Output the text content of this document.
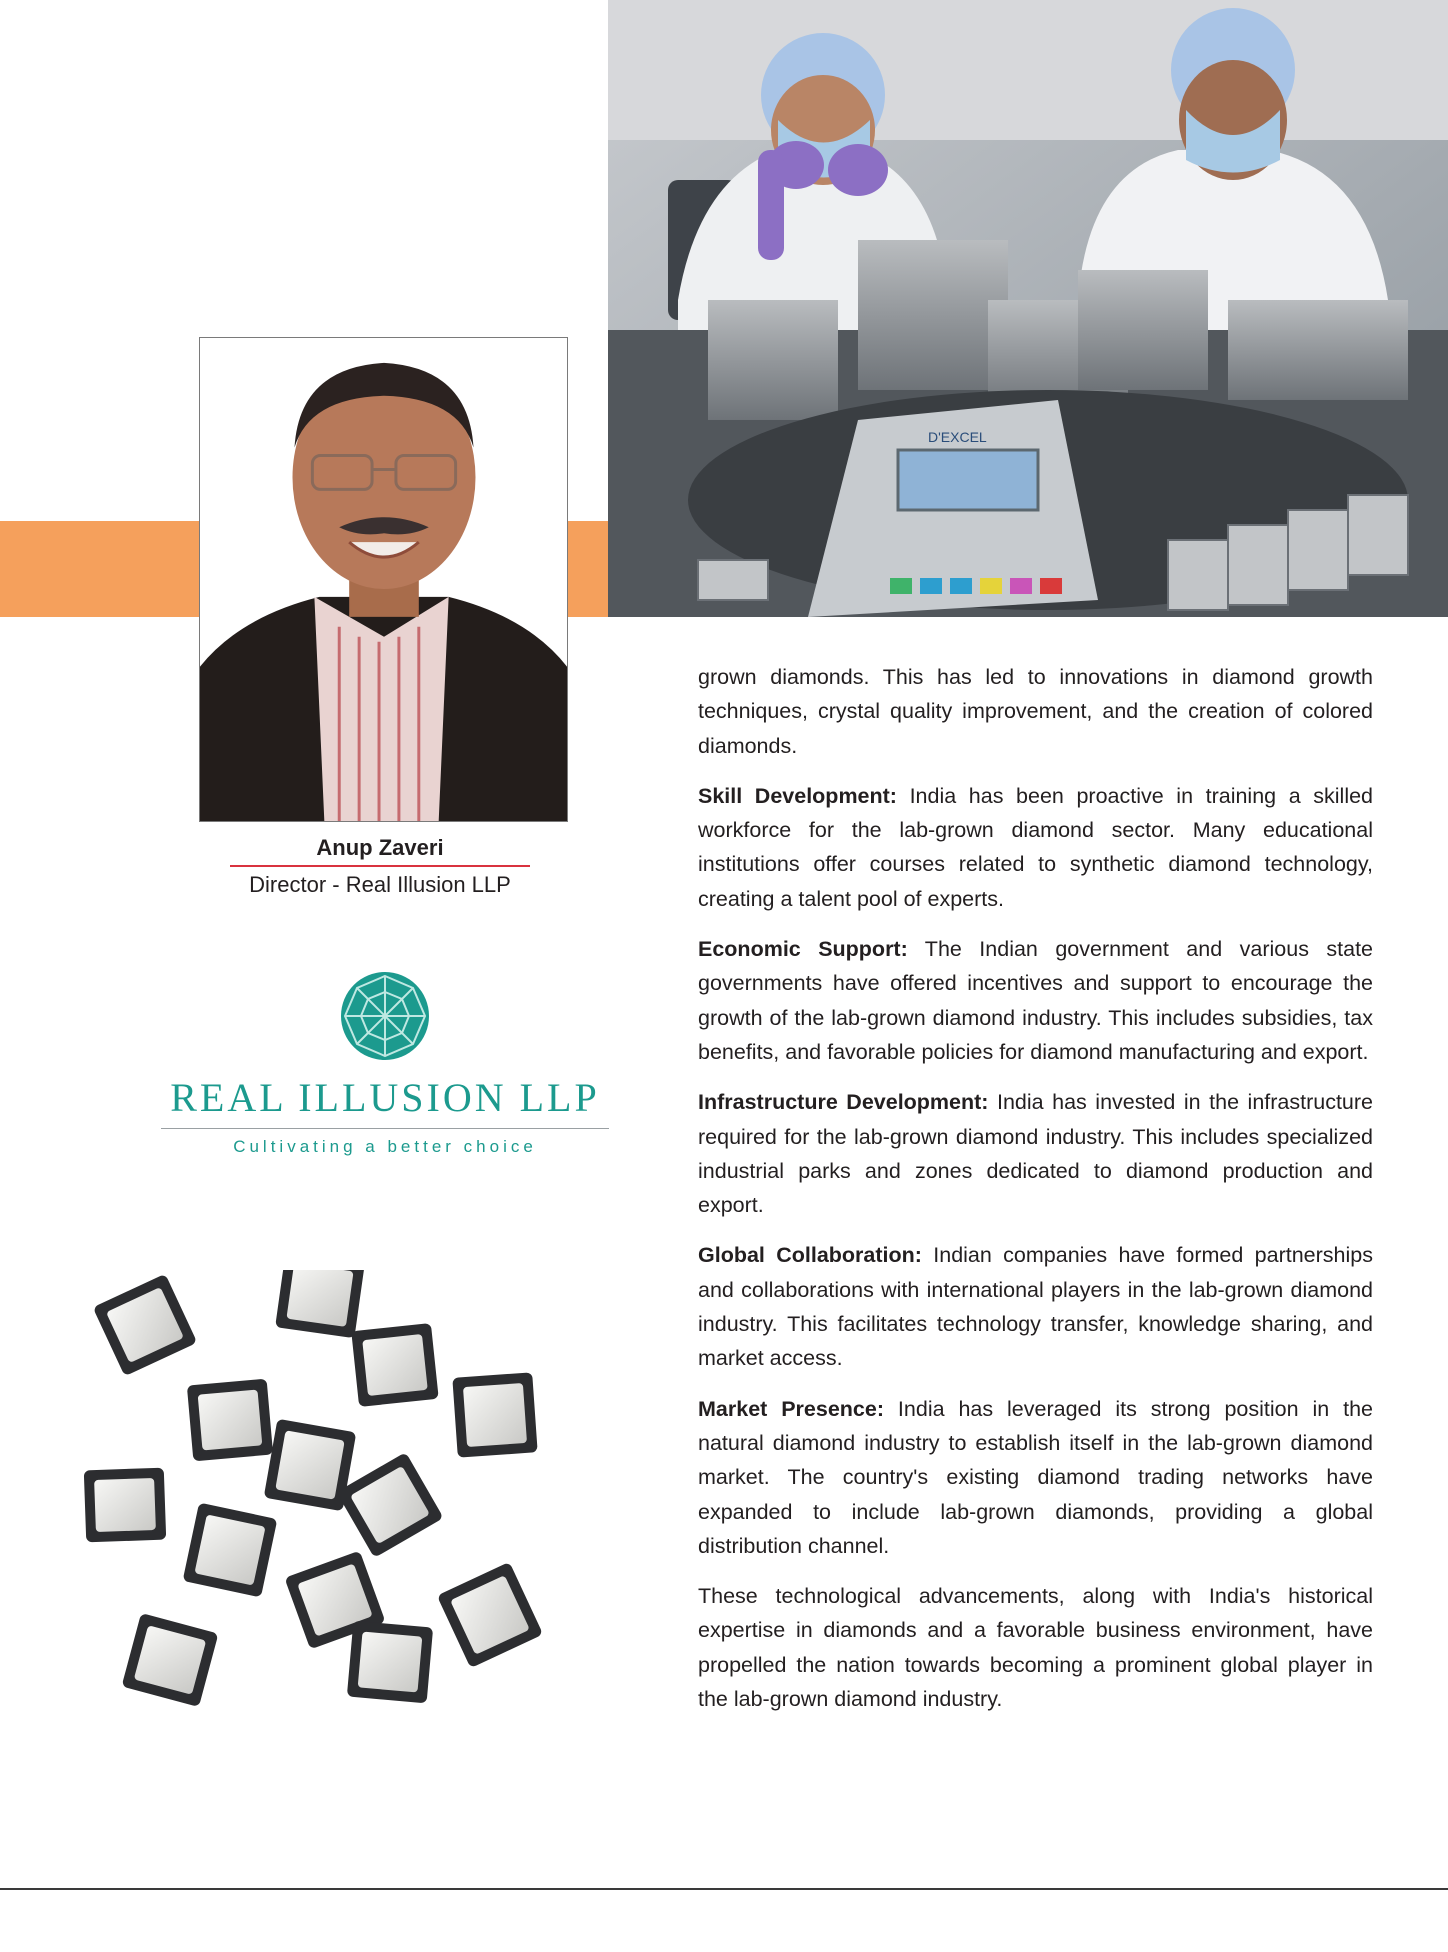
D'EXCEL
Anup Zaveri
Director - Real Illusion LLP
REAL ILLUSION LLP
Cultivating a better choice

grown diamonds. This has led to innovations in diamond growth techniques, crystal quality improvement, and the creation of colored diamonds.

Skill Development: India has been proactive in training a skilled workforce for the lab-grown diamond sector. Many educational institutions offer courses related to synthetic diamond technology, creating a talent pool of experts.

Economic Support: The Indian government and various state governments have offered incentives and support to encourage the growth of the lab-grown diamond industry. This includes subsidies, tax benefits, and favorable policies for diamond manufacturing and export.

Infrastructure Development: India has invested in the infrastructure required for the lab-grown diamond industry. This includes specialized industrial parks and zones dedicated to diamond production and export.

Global Collaboration: Indian companies have formed partnerships and collaborations with international players in the lab-grown diamond industry. This facilitates technology transfer, knowledge sharing, and market access.

Market Presence: India has leveraged its strong position in the natural diamond industry to establish itself in the lab-grown diamond market. The country's existing diamond trading networks have expanded to include lab-grown diamonds, providing a global distribution channel.

These technological advancements, along with India's historical expertise in diamonds and a favorable business environment, have propelled the nation towards becoming a prominent global player in the lab-grown diamond industry.
